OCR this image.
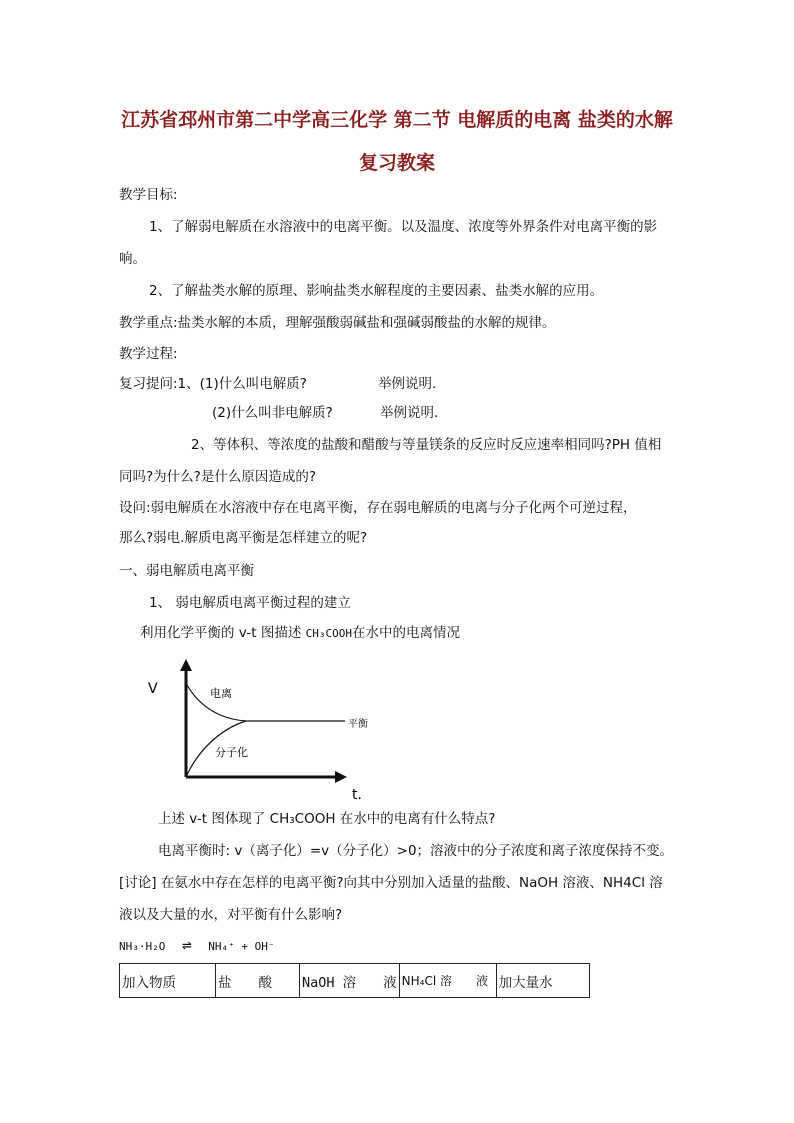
江苏省邳州市第二中学高三化学 第二节 电解质的电离 盐类的水解
复习教案
教学目标:
1、了解弱电解质在水溶液中的电离平衡。以及温度、浓度等外界条件对电离平衡的影
响。
2、了解盐类水解的原理、影响盐类水解程度的主要因素、盐类水解的应用。
教学重点:盐类水解的本质，理解强酸弱碱盐和强碱弱酸盐的水解的规律。
教学过程:
复习提问:1、(1)什么叫电解质?	举例说明.
(2)什么叫非电解质?	举例说明.
2、等体积、等浓度的盐酸和醋酸与等量镁条的反应时反应速率相同吗?PH 值相
同吗?为什么?是什么原因造成的?
设问:弱电解质在水溶液中存在电离平衡，存在弱电解质的电离与分子化两个可逆过程，
那么?弱电.解质电离平衡是怎样建立的呢?
一、弱电解质电离平衡
1、 弱电解质电离平衡过程的建立
利用化学平衡的 v-t 图描述 CH₃COOH在水中的电离情况
V
t.
电离
平衡
分子化
上述 v-t 图体现了 CH₃COOH 在水中的电离有什么特点?
电离平衡时: v（离子化）=v（分子化）>0；溶液中的分子浓度和离子浓度保持不变。
[讨论] 在氨水中存在怎样的电离平衡?向其中分别加入适量的盐酸、NaOH 溶液、NH4Cl 溶
液以及大量的水，对平衡有什么影响?
NH₃·H₂O ⇌ NH₄⁺ + OH⁻
加入物质	盐　　酸	NaOH 溶　　液	NH₄Cl 溶　　液	加大量水
